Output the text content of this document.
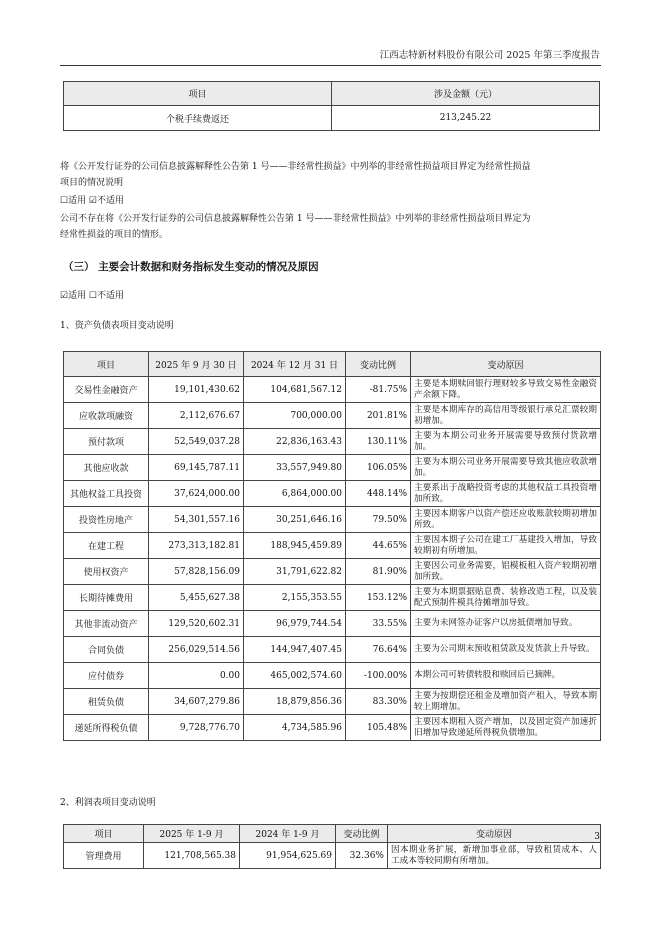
江西志特新材料股份有限公司 2025 年第三季度报告
项目	涉及金额（元）
个税手续费返还	213,245.22
将《公开发行证券的公司信息披露解释性公告第 1 号——非经常性损益》中列举的非经常性损益项目界定为经常性损益
项目的情况说明
☐适用 ☑不适用
公司不存在将《公开发行证券的公司信息披露解释性公告第 1 号——非经常性损益》中列举的非经常性损益项目界定为
经常性损益的项目的情形。
（三） 主要会计数据和财务指标发生变动的情况及原因
☑适用 ☐不适用
1、资产负债表项目变动说明
项目	2025 年 9 月 30 日	2024 年 12 月 31 日	变动比例	变动原因
交易性金融资产	19,101,430.62	104,681,567.12	-81.75%	主要是本期赎回银行理财较多导致交易性金融资产余额下降。
应收款项融资	2,112,676.67	700,000.00	201.81%	主要是本期库存的高信用等级银行承兑汇票较期初增加。
预付款项	52,549,037.28	22,836,163.43	130.11%	主要为本期公司业务开展需要导致预付货款增加。
其他应收款	69,145,787.11	33,557,949.80	106.05%	主要为本期公司业务开展需要导致其他应收款增加。
其他权益工具投资	37,624,000.00	6,864,000.00	448.14%	主要系出于战略投资考虑的其他权益工具投资增加所致。
投资性房地产	54,301,557.16	30,251,646.16	79.50%	主要因本期客户以资产偿还应收账款较期初增加所致。
在建工程	273,313,182.81	188,945,459.89	44.65%	主要因本期子公司在建工厂基建投入增加，导致较期初有所增加。
使用权资产	57,828,156.09	31,791,622.82	81.90%	主要因公司业务需要，铝模板租入资产较期初增加所致。
长期待摊费用	5,455,627.38	2,155,353.55	153.12%	主要为本期票据贴息费、装修改造工程，以及装配式预制件模具待摊增加导致。
其他非流动资产	129,520,602.31	96,979,744.54	33.55%	主要为未网签办证客户以房抵债增加导致。
合同负债	256,029,514.56	144,947,407.45	76.64%	主要为公司期末预收租赁款及发货款上升导致。
应付债券	0.00	465,002,574.60	-100.00%	本期公司可转债转股和赎回后已摘牌。
租赁负债	34,607,279.86	18,879,856.36	83.30%	主要为按期偿还租金及增加资产租入，导致本期较上期增加。
递延所得税负债	9,728,776.70	4,734,585.96	105.48%	主要因本期租入资产增加，以及固定资产加速折旧增加导致递延所得税负债增加。
2、利润表项目变动说明
项目	2025 年 1-9 月	2024 年 1-9 月	变动比例	变动原因
管理费用	121,708,565.38	91,954,625.69	32.36%	因本期业务扩展，新增加事业部，导致租赁成本、人工成本等较同期有所增加。
3
